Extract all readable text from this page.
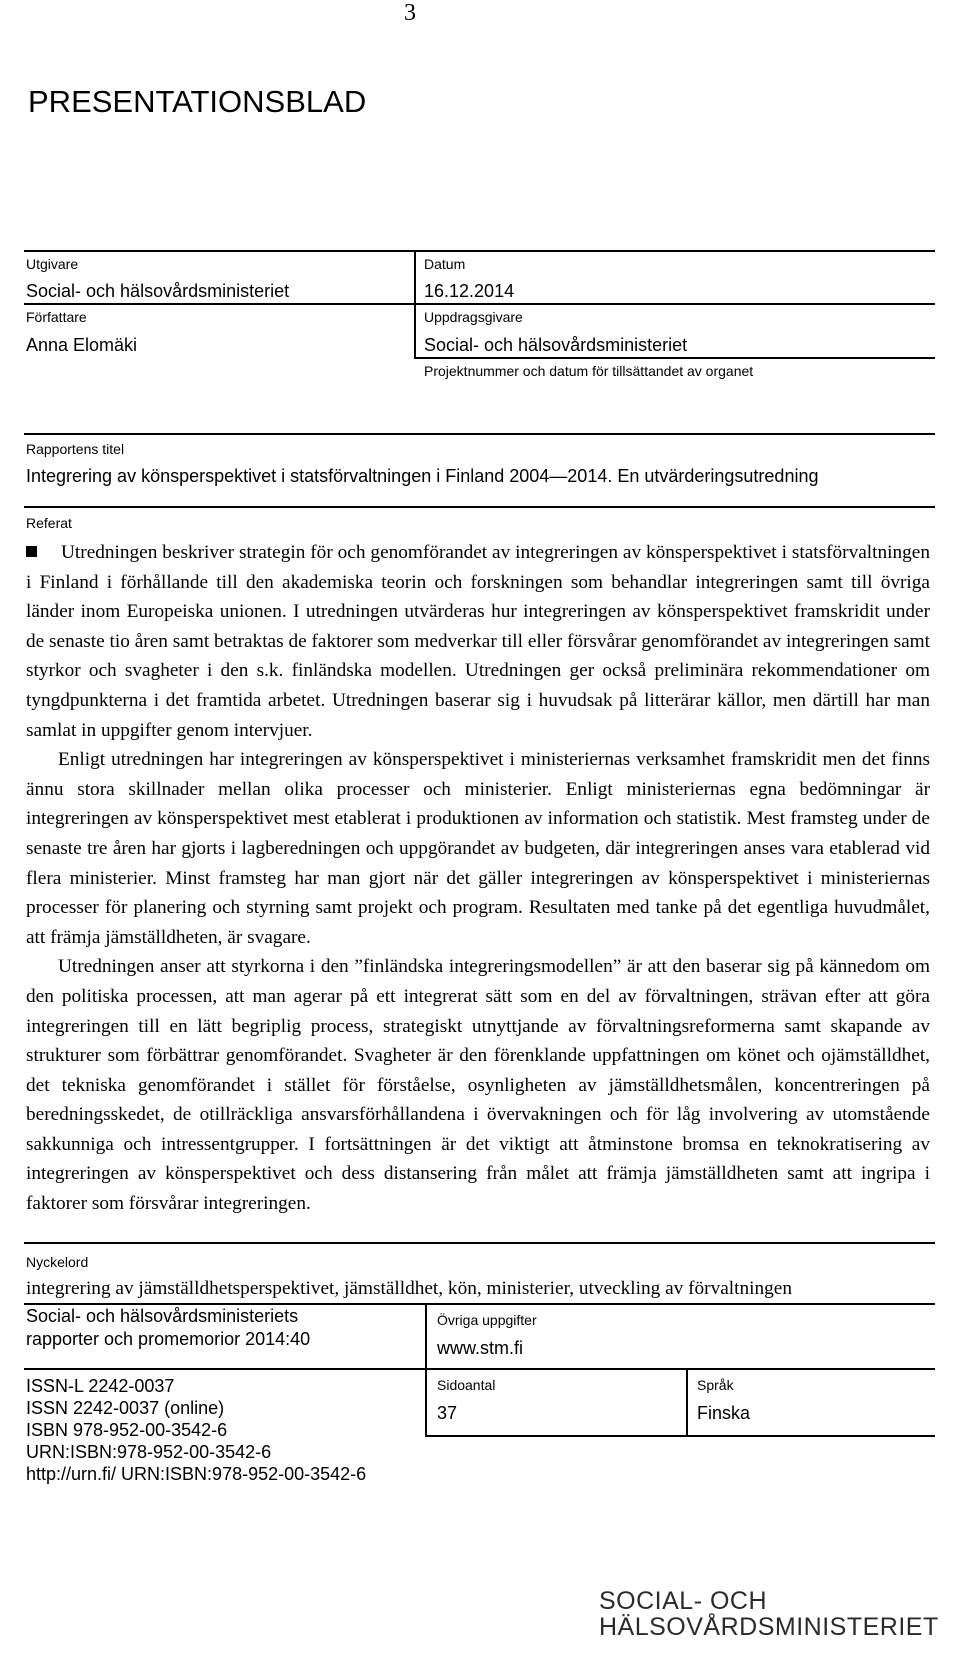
3
PRESENTATIONSBLAD
Utgivare
Social- och hälsovårdsministeriet
Datum
16.12.2014
Författare
Anna Elomäki
Uppdragsgivare
Social- och hälsovårdsministeriet
Projektnummer och datum för tillsättandet av organet
Rapportens titel
Integrering av könsperspektivet i statsförvaltningen i Finland 2004—2014. En utvärderingsutredning
Referat

Utredningen beskriver strategin för och genomförandet av integreringen av könsperspektivet i statsförvaltningen i Finland i förhållande till den akademiska teorin och forskningen som behandlar integreringen samt till övriga länder inom Europeiska unionen. I utredningen utvärderas hur integreringen av könsperspektivet framskridit under de senaste tio åren samt betraktas de faktorer som medverkar till eller försvårar genomförandet av integreringen samt styrkor och svagheter i den s.k. finländska modellen. Utredningen ger också preliminära rekommendationer om tyngdpunkterna i det framtida arbetet. Utredningen baserar sig i huvudsak på litterärar källor, men därtill har man samlat in uppgifter genom intervjuer.

Enligt utredningen har integreringen av könsperspektivet i ministeriernas verksamhet framskridit men det finns ännu stora skillnader mellan olika processer och ministerier. Enligt ministeriernas egna bedömningar är integreringen av könsperspektivet mest etablerat i produktionen av information och statistik. Mest framsteg under de senaste tre åren har gjorts i lagberedningen och uppgörandet av budgeten, där integreringen anses vara etablerad vid flera ministerier. Minst framsteg har man gjort när det gäller integreringen av könsperspektivet i ministeriernas processer för planering och styrning samt projekt och program. Resultaten med tanke på det egentliga huvudmålet, att främja jämställdheten, är svagare.

Utredningen anser att styrkorna i den ”finländska integreringsmodellen” är att den baserar sig på kännedom om den politiska processen, att man agerar på ett integrerat sätt som en del av förvaltningen, strävan efter att göra integreringen till en lätt begriplig process, strategiskt utnyttjande av förvaltningsreformerna samt skapande av strukturer som förbättrar genomförandet. Svagheter är den förenklande uppfattningen om könet och ojämställdhet, det tekniska genomförandet i stället för förståelse, osynligheten av jämställdhetsmålen, koncentreringen på beredningsskedet, de otillräckliga ansvarsförhållandena i övervakningen och för låg involvering av utomstående sakkunniga och intressentgrupper. I fortsättningen är det viktigt att åtminstone bromsa en teknokratisering av integreringen av könsperspektivet och dess distansering från målet att främja jämställdheten samt att ingripa i faktorer som försvårar integreringen.

Nyckelord
integrering av jämställdhetsperspektivet, jämställdhet, kön, ministerier, utveckling av förvaltningen
Social- och hälsovårdsministeriets
rapporter och promemorior 2014:40
Övriga uppgifter
www.stm.fi
ISSN-L 2242-0037
ISSN 2242-0037 (online)
ISBN 978-952-00-3542-6
URN:ISBN:978-952-00-3542-6
http://urn.fi/ URN:ISBN:978-952-00-3542-6
Sidoantal
37
Språk
Finska
SOCIAL- OCH
HÄLSOVÅRDSMINISTERIET
